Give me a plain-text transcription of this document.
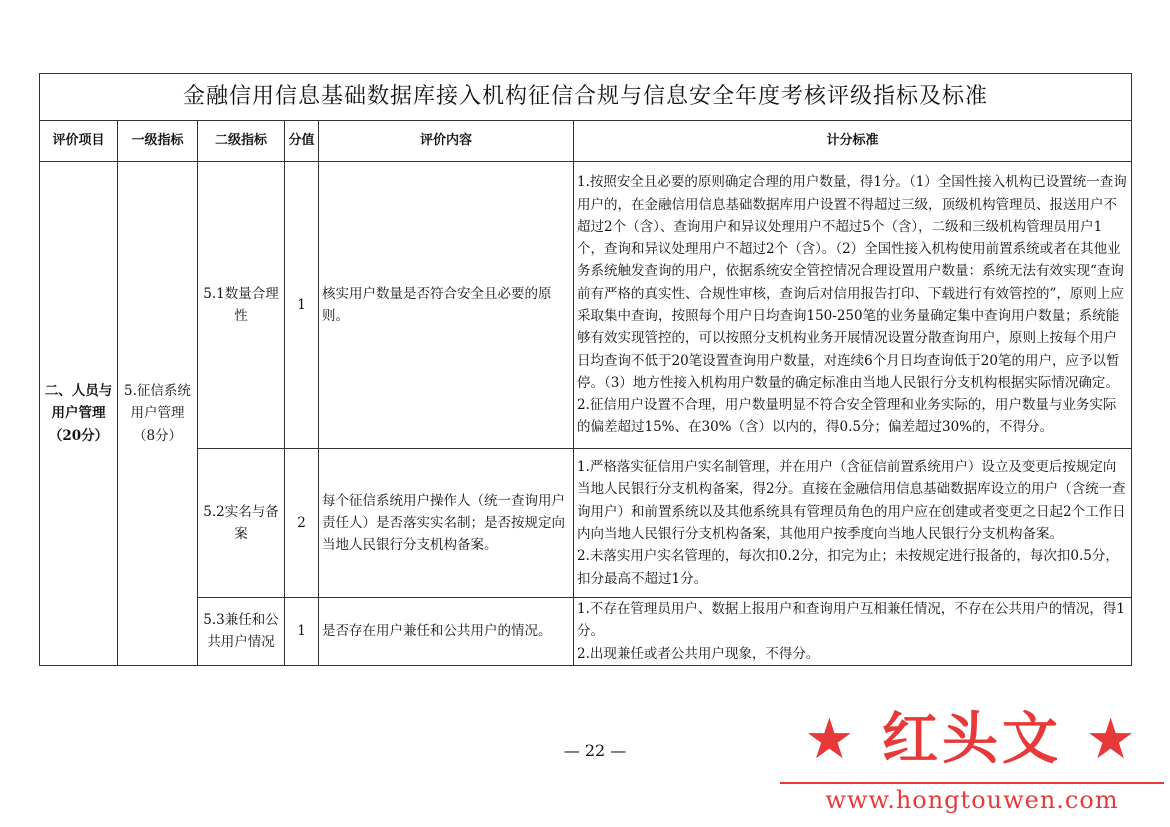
金融信用信息基础数据库接入机构征信合规与信息安全年度考核评级指标及标准					
评价项目	一级指标	二级指标	分值	评价内容	计分标准
二、人员与用户管理（20分）	5.征信系统用户管理（8分）	5.1数量合理性	1	核实用户数量是否符合安全且必要的原则。	1.按照安全且必要的原则确定合理的用户数量，得1分。（1）全国性接入机构已设置统一查询用户的，在金融信用信息基础数据库用户设置不得超过三级，顶级机构管理员、报送用户不超过2个（含）、查询用户和异议处理用户不超过5个（含），二级和三级机构管理员用户1个，查询和异议处理用户不超过2个（含）。（2）全国性接入机构使用前置系统或者在其他业务系统触发查询的用户，依据系统安全管控情况合理设置用户数量：系统无法有效实现“查询前有严格的真实性、合规性审核，查询后对信用报告打印、下载进行有效管控的”，原则上应采取集中查询，按照每个用户日均查询150-250笔的业务量确定集中查询用户数量；系统能够有效实现管控的，可以按照分支机构业务开展情况设置分散查询用户，原则上按每个用户日均查询不低于20笔设置查询用户数量，对连续6个月日均查询低于20笔的用户，应予以暂停。（3）地方性接入机构用户数量的确定标准由当地人民银行分支机构根据实际情况确定。
2.征信用户设置不合理，用户数量明显不符合安全管理和业务实际的，用户数量与业务实际的偏差超过15%、在30%（含）以内的，得0.5分；偏差超过30%的，不得分。

		5.2实名与备案	2	每个征信系统用户操作人（统一查询用户责任人）是否落实实名制；是否按规定向当地人民银行分支机构备案。	1.严格落实征信用户实名制管理，并在用户（含征信前置系统用户）设立及变更后按规定向当地人民银行分支机构备案，得2分。直接在金融信用信息基础数据库设立的用户（含统一查询用户）和前置系统以及其他系统具有管理员角色的用户应在创建或者变更之日起2个工作日内向当地人民银行分支机构备案，其他用户按季度向当地人民银行分支机构备案。
2.未落实用户实名管理的，每次扣0.2分，扣完为止；未按规定进行报备的，每次扣0.5分，扣分最高不超过1分。

		5.3兼任和公共用户情况	1	是否存在用户兼任和公共用户的情况。	1.不存在管理员用户、数据上报用户和查询用户互相兼任情况，不存在公共用户的情况，得1分。
2.出现兼任或者公共用户现象，不得分。
— 22 —	★ 红头文 ★
www.hongtouwen.com
